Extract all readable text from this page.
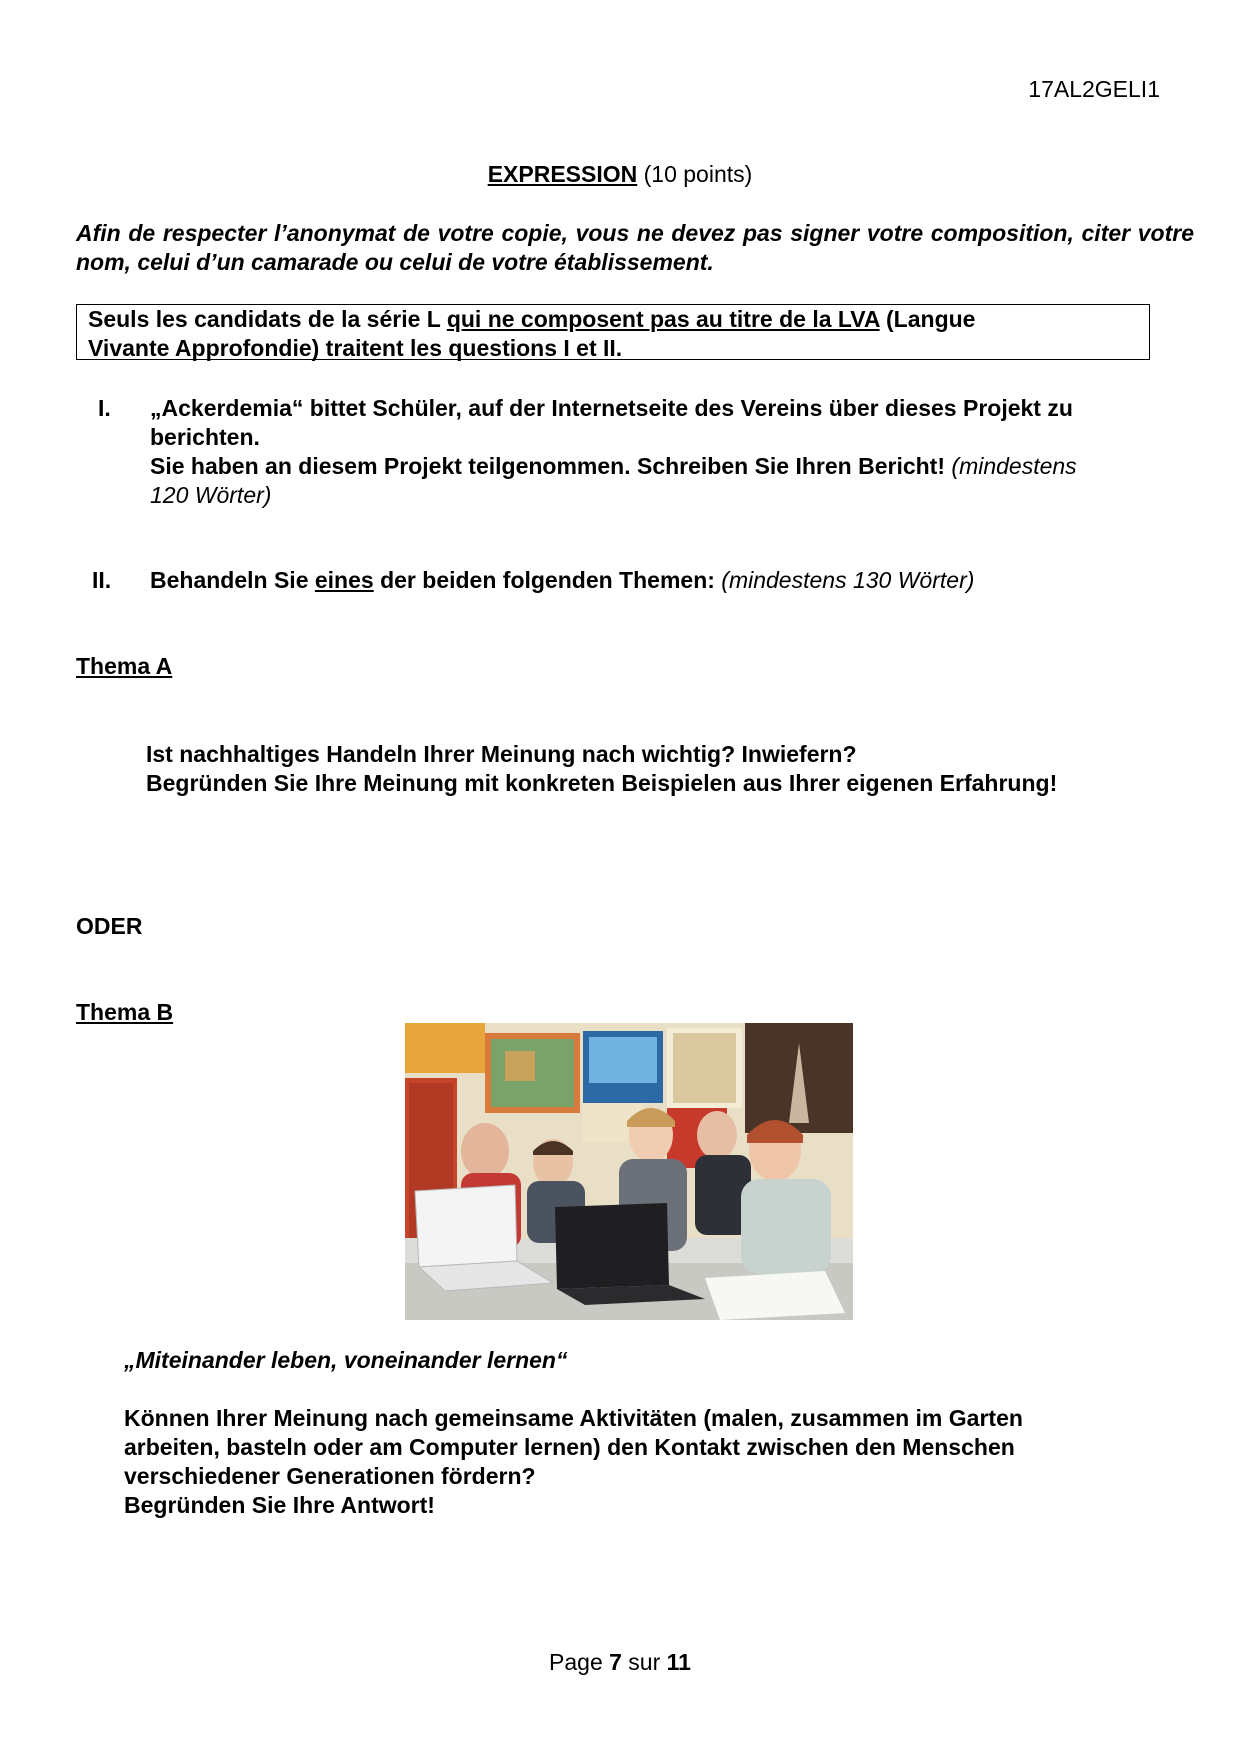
17AL2GELI1
EXPRESSION (10 points)
Afin de respecter l’anonymat de votre copie, vous ne devez pas signer votre composition, citer votre nom, celui d’un camarade ou celui de votre établissement.

Seuls les candidats de la série L qui ne composent pas au titre de la LVA (Langue

Vivante Approfondie) traitent les questions I et II.

I. „Ackerdemia“ bittet Schüler, auf der Internetseite des Vereins über dieses Projekt zu

berichten.

Sie haben an diesem Projekt teilgenommen. Schreiben Sie Ihren Bericht! (mindestens

120 Wörter)

II. Behandeln Sie eines der beiden folgenden Themen: (mindestens 130 Wörter)
Thema A

Ist nachhaltiges Handeln Ihrer Meinung nach wichtig? Inwiefern?

Begründen Sie Ihre Meinung mit konkreten Beispielen aus Ihrer eigenen Erfahrung!

ODER
Thema B
„Miteinander leben, voneinander lernen“

Können Ihrer Meinung nach gemeinsame Aktivitäten (malen, zusammen im Garten

arbeiten, basteln oder am Computer lernen) den Kontakt zwischen den Menschen

verschiedener Generationen fördern?

Begründen Sie Ihre Antwort!

Page 7 sur 11
